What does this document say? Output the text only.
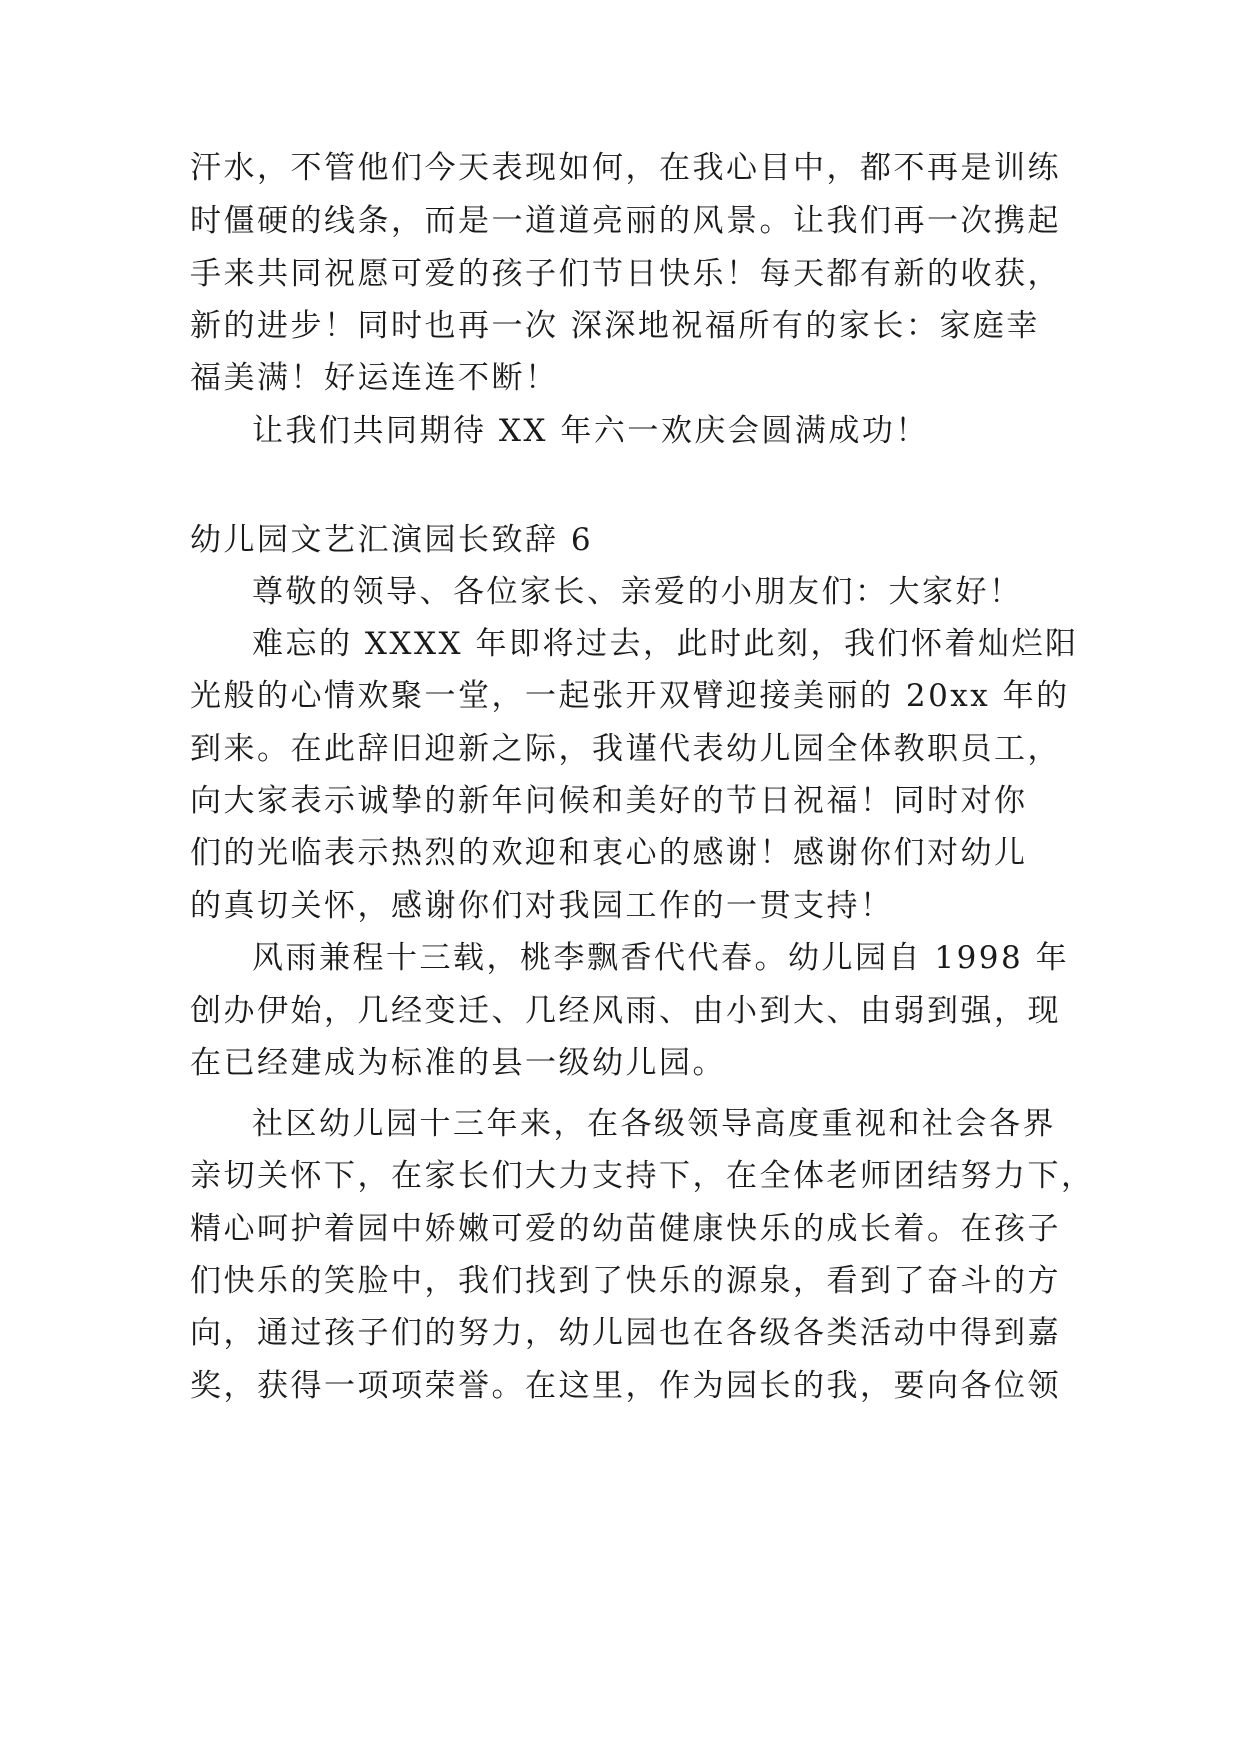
汗水，不管他们今天表现如何，在我心目中，都不再是训练
时僵硬的线条，而是一道道亮丽的风景。让我们再一次携起
手来共同祝愿可爱的孩子们节日快乐！每天都有新的收获，
新的进步！同时也再一次 深深地祝福所有的家长：家庭幸
福美满！好运连连不断！
让我们共同期待 XX 年六一欢庆会圆满成功！
幼儿园文艺汇演园长致辞 6
尊敬的领导、各位家长、亲爱的小朋友们：大家好！
难忘的 XXXX 年即将过去，此时此刻，我们怀着灿烂阳
光般的心情欢聚一堂，一起张开双臂迎接美丽的 20xx 年的
到来。在此辞旧迎新之际，我谨代表幼儿园全体教职员工，
向大家表示诚挚的新年问候和美好的节日祝福！同时对你
们的光临表示热烈的欢迎和衷心的感谢！感谢你们对幼儿
的真切关怀，感谢你们对我园工作的一贯支持！
风雨兼程十三载，桃李飘香代代春。幼儿园自 1998 年
创办伊始，几经变迁、几经风雨、由小到大、由弱到强，现
在已经建成为标准的县一级幼儿园。
社区幼儿园十三年来，在各级领导高度重视和社会各界
亲切关怀下，在家长们大力支持下，在全体老师团结努力下，
精心呵护着园中娇嫩可爱的幼苗健康快乐的成长着。在孩子
们快乐的笑脸中，我们找到了快乐的源泉，看到了奋斗的方
向，通过孩子们的努力，幼儿园也在各级各类活动中得到嘉
奖，获得一项项荣誉。在这里，作为园长的我，要向各位领
